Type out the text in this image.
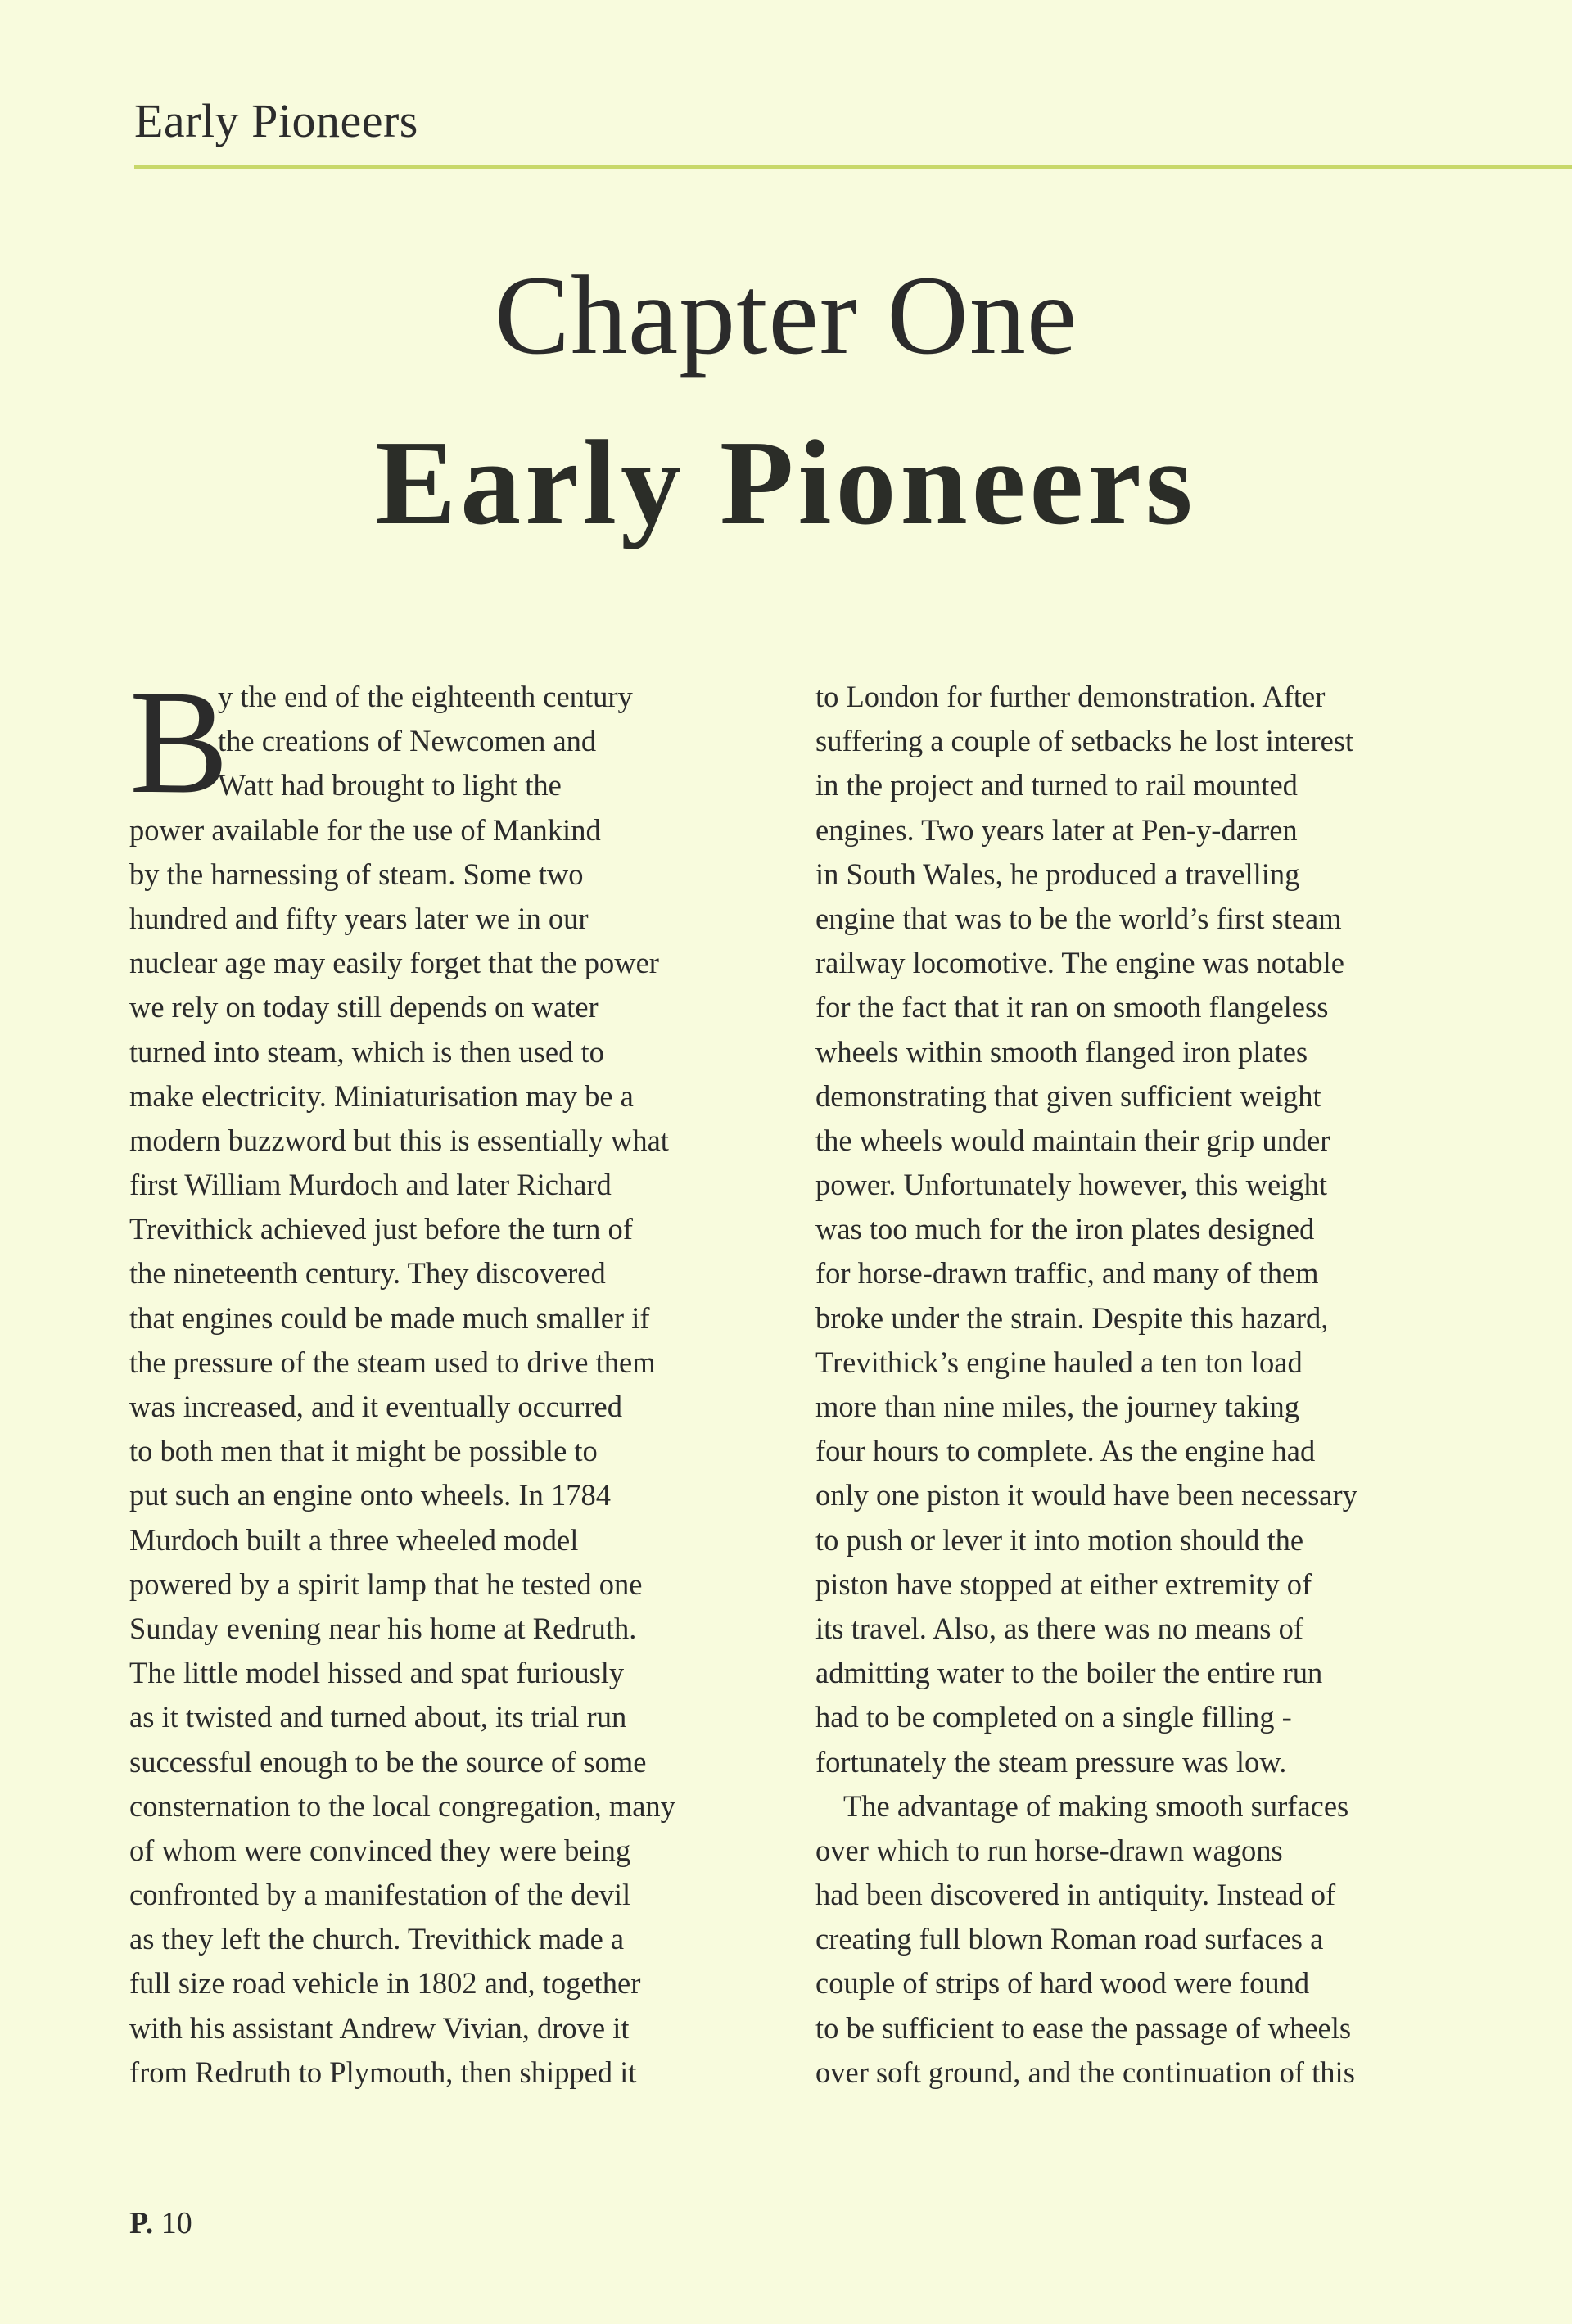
Early Pioneers
Chapter One
Early Pioneers
B
y the end of the eighteenth century
the creations of Newcomen and
Watt had brought to light the
power available for the use of Mankind
by the harnessing of steam. Some two
hundred and fifty years later we in our
nuclear age may easily forget that the power
we rely on today still depends on water
turned into steam, which is then used to
make electricity. Miniaturisation may be a
modern buzzword but this is essentially what
first William Murdoch and later Richard
Trevithick achieved just before the turn of
the nineteenth century. They discovered
that engines could be made much smaller if
the pressure of the steam used to drive them
was increased, and it eventually occurred
to both men that it might be possible to
put such an engine onto wheels. In 1784
Murdoch built a three wheeled model
powered by a spirit lamp that he tested one
Sunday evening near his home at Redruth.
The little model hissed and spat furiously
as it twisted and turned about, its trial run
successful enough to be the source of some
consternation to the local congregation, many
of whom were convinced they were being
confronted by a manifestation of the devil
as they left the church. Trevithick made a
full size road vehicle in 1802 and, together
with his assistant Andrew Vivian, drove it
from Redruth to Plymouth, then shipped it
to London for further demonstration. After
suffering a couple of setbacks he lost interest
in the project and turned to rail mounted
engines. Two years later at Pen-y-darren
in South Wales, he produced a travelling
engine that was to be the world’s first steam
railway locomotive. The engine was notable
for the fact that it ran on smooth flangeless
wheels within smooth flanged iron plates
demonstrating that given sufficient weight
the wheels would maintain their grip under
power. Unfortunately however, this weight
was too much for the iron plates designed
for horse-drawn traffic, and many of them
broke under the strain. Despite this hazard,
Trevithick’s engine hauled a ten ton load
more than nine miles, the journey taking
four hours to complete. As the engine had
only one piston it would have been necessary
to push or lever it into motion should the
piston have stopped at either extremity of
its travel. Also, as there was no means of
admitting water to the boiler the entire run
had to be completed on a single filling -
fortunately the steam pressure was low.
The advantage of making smooth surfaces
over which to run horse-drawn wagons
had been discovered in antiquity. Instead of
creating full blown Roman road surfaces a
couple of strips of hard wood were found
to be sufficient to ease the passage of wheels
over soft ground, and the continuation of this
P. 10
